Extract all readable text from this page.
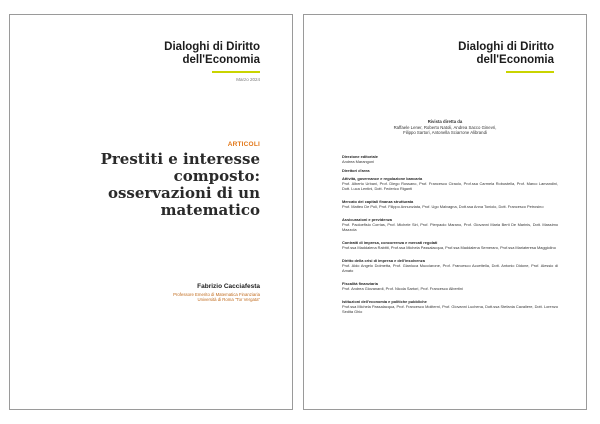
Dialoghi di Diritto
dell'Economia
Marzo 2024
ARTICOLI
Prestiti e interesse
composto:
osservazioni di un
matematico
Fabrizio Cacciafesta
Professore Emerito di Matematica Finanziaria
Università di Roma "Tor Vergata"
Dialoghi di Diritto
dell'Economia
Rivista diretta da
Raffaele Lener, Roberto Natoli, Andrea Sacco Ginevri,
Filippo Sartori, Antonella Sciarrone Alibrandi
Direzione editoriale
Andrea Marangoni
Direttori d'area
Attività, governance e regolazione bancaria
Prof. Alberto Urbani, Prof. Diego Rossano, Prof. Francesco Ciraolo, Prof.ssa Carmela Robustella, Prof. Marco Lamandini, Dott. Luca Lentini, Dott. Federico Riganti
Mercato dei capitali finanza strutturata
Prof. Matteo De Poli, Prof. Filippo Annunziata, Prof. Ugo Malvagna, Dott.ssa Anna Toniolo, Dott. Francesco Petrosino
Assicurazioni e previdenza
Prof. Paoloefisio Corrias, Prof. Michele Siri, Prof. Pierpaolo Marano, Prof. Giovanni Maria Berti De Marinis, Dott. Massimo Mazzola
Contratti di impresa, concorrenza e mercati regolati
Prof.ssa Maddalena Rabitti, Prof.ssa Michela Passalacqua, Prof.ssa Maddalena Semeraro, Prof.ssa Mariateresa Maggiolino
Diritto della crisi di impresa e dell'insolvenza
Prof. Aldo Angelo Dolmetta, Prof. Gianluca Mucciarone, Prof. Francesco Accettella, Dott. Antonio Didone, Prof. Alessio di Amato
Fiscalità finanziaria
Prof. Andrea Giovanardi, Prof. Nicola Sartori, Prof. Francesco Albertini
Istituzioni dell'economia e politiche pubbliche
Prof.ssa Michela Passalacqua, Prof. Francesco Moliterni, Prof. Giovanni Luchena, Dott.ssa Stefania Cavaliere, Dott. Lorenzo Sedita Ghio
